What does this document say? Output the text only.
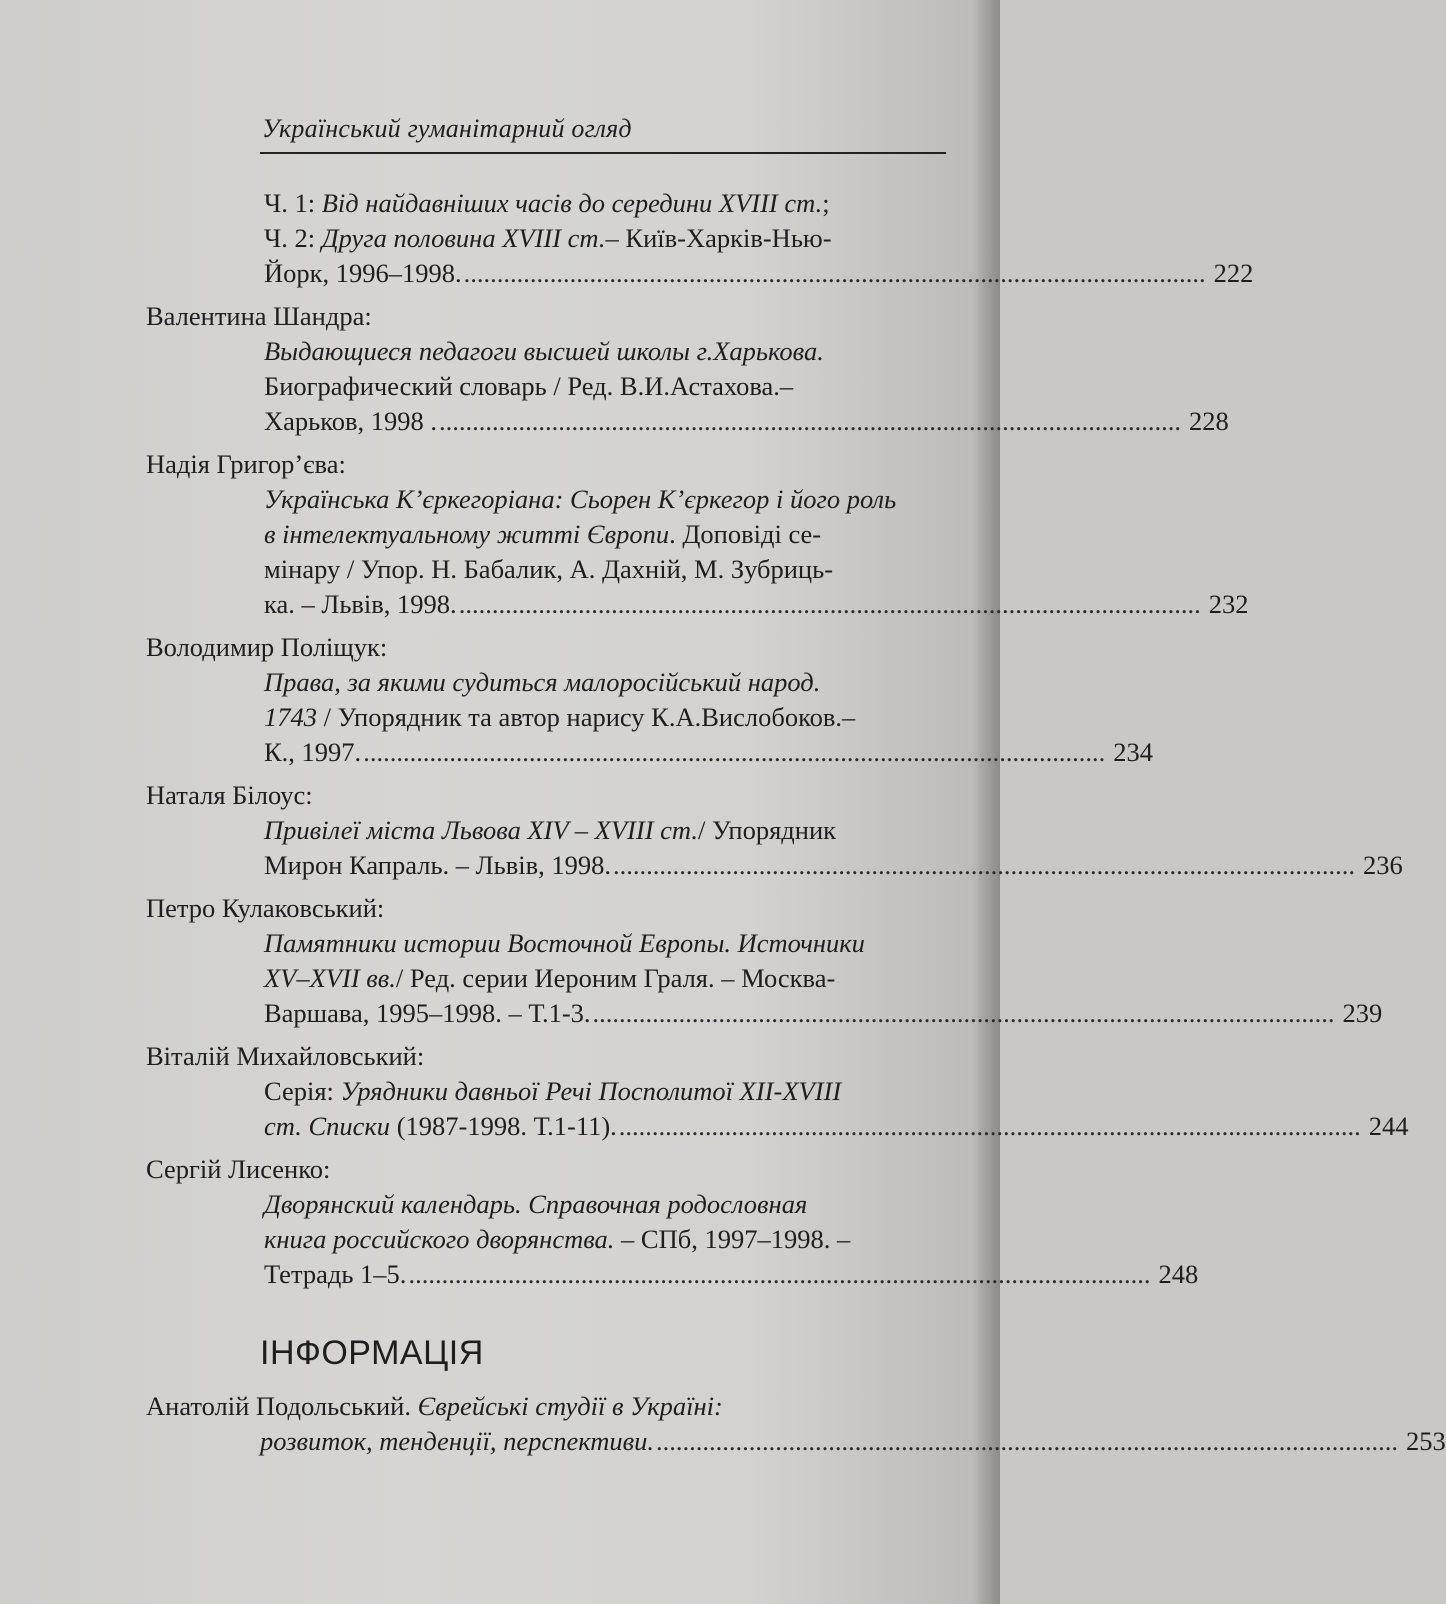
Український гуманітарний огляд
Ч. 1: Від найдавніших часів до середини XVIII ст.;
Ч. 2: Друга половина XVIII ст.– Київ-Харків-Нью-
Йорк, 1996–1998. ................................................................................................................ 222
Валентина Шандра:
Выдающиеся педагоги высшей школы г.Харькова.
Биографический словарь / Ред. В.И.Астахова.–
Харьков, 1998 . ................................................................................................................ 228
Надія Григор’єва:
Українська К’єркегоріана: Сьорен К’єркегор і його роль
в інтелектуальному житті Європи. Доповіді се-
мінару / Упор. Н. Бабалик, А. Дахній, М. Зубриць-
ка. – Львів, 1998. ................................................................................................................ 232
Володимир Поліщук:
Права, за якими судиться малоросійський народ.
1743 / Упорядник та автор нарису К.А.Вислобоков.–
К., 1997. ................................................................................................................ 234
Наталя Білоус:
Привілеї міста Львова XIV – XVIII ст./ Упорядник
Мирон Капраль. – Львів, 1998. ................................................................................................................ 236
Петро Кулаковський:
Памятники истории Восточной Европы. Источники
XV–XVII вв./ Ред. серии Иероним Граля. – Москва-
Варшава, 1995–1998. – Т.1-3. ................................................................................................................ 239
Віталій Михайловський:
Серія: Урядники давньої Речі Посполитої XII-XVIII
ст. Списки (1987-1998. Т.1-11). ................................................................................................................ 244
Сергій Лисенко:
Дворянский календарь. Справочная родословная
книга российского дворянства. – СПб, 1997–1998. –
Тетрадь 1–5. ................................................................................................................ 248
ІНФОРМАЦІЯ
Анатолій Подольський. Єврейські студії в Україні:
розвиток, тенденції, перспективи. ................................................................................................................ 253
